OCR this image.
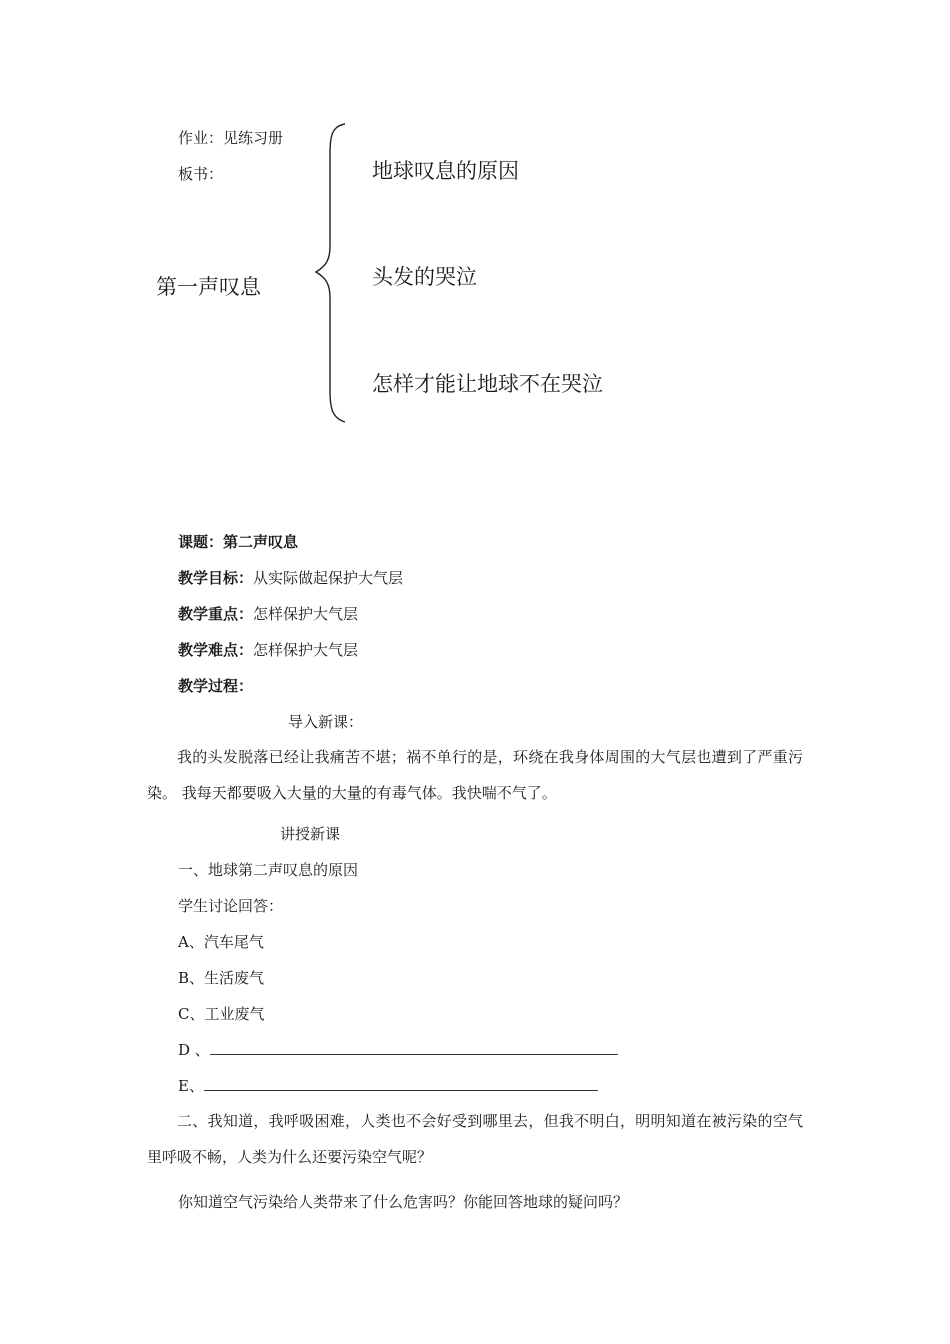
作业：见练习册
板书：
第一声叹息
地球叹息的原因
头发的哭泣
怎样才能让地球不在哭泣
课题：第二声叹息
教学目标：从实际做起保护大气层
教学重点：怎样保护大气层
教学难点：怎样保护大气层
教学过程：
导入新课：
我的头发脱落已经让我痛苦不堪；祸不单行的是，环绕在我身体周围的大气层也遭到了严重污染。 我每天都要吸入大量的大量的有毒气体。我快喘不气了。
讲授新课
一、地球第二声叹息的原因
学生讨论回答：
A、汽车尾气
B、生活废气
C、工业废气
D 、
E、
二、我知道，我呼吸困难，人类也不会好受到哪里去，但我不明白，明明知道在被污染的空气里呼吸不畅，人类为什么还要污染空气呢？
你知道空气污染给人类带来了什么危害吗？你能回答地球的疑问吗？
